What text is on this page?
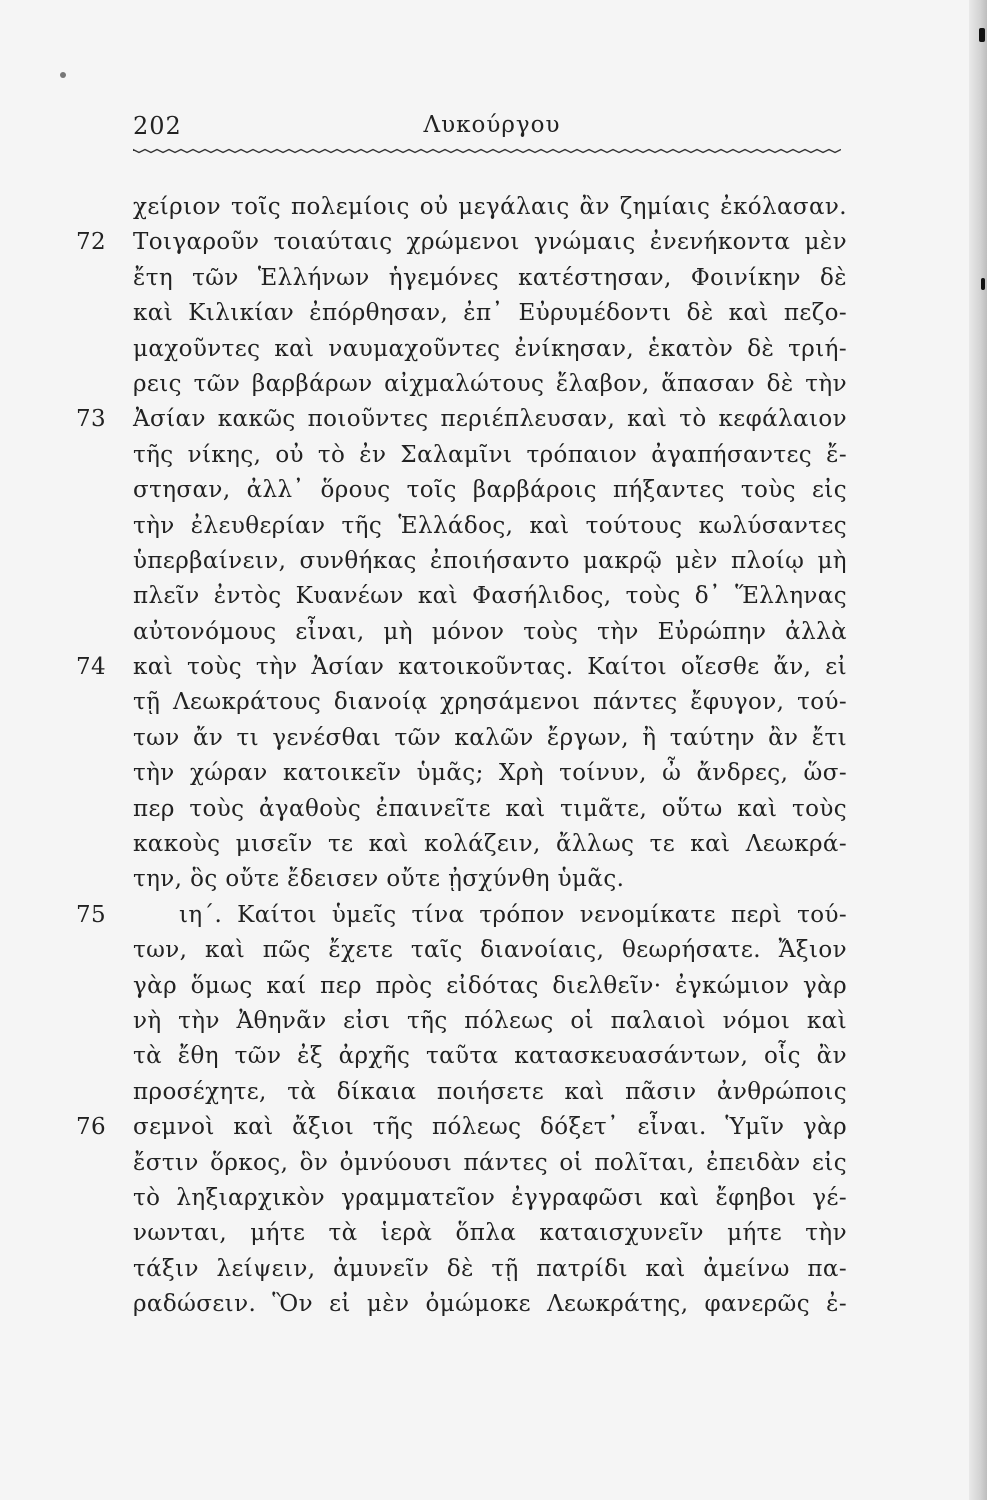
202	Λυκούργου
χείριον τοῖς πολεμίοις οὐ μεγάλαις ἂν ζημίαις ἐκόλασαν.
Τοιγαροῦν τοιαύταις χρώμενοι γνώμαις ἐνενήκοντα μὲν
72
ἔτη τῶν Ἑλλήνων ἡγεμόνες κατέστησαν, Φοινίκην δὲ
καὶ Κιλικίαν ἐπόρθησαν, ἐπ᾽ Εὐρυμέδοντι δὲ καὶ πεζο-
μαχοῦντες καὶ ναυμαχοῦντες ἐνίκησαν, ἑκατὸν δὲ τριή-
ρεις τῶν βαρβάρων αἰχμαλώτους ἔλαβον, ἅπασαν δὲ τὴν
Ἀσίαν κακῶς ποιοῦντες περιέπλευσαν, καὶ τὸ κεφάλαιον
73
τῆς νίκης, οὐ τὸ ἐν Σαλαμῖνι τρόπαιον ἀγαπήσαντες ἔ-
στησαν, ἀλλ᾽ ὅρους τοῖς βαρβάροις πήξαντες τοὺς εἰς
τὴν ἐλευθερίαν τῆς Ἑλλάδος, καὶ τούτους κωλύσαντες
ὑπερβαίνειν, συνθήκας ἐποιήσαντο μακρῷ μὲν πλοίῳ μὴ
πλεῖν ἐντὸς Κυανέων καὶ Φασήλιδος, τοὺς δ᾽ Ἕλληνας
αὐτονόμους εἶναι, μὴ μόνον τοὺς τὴν Εὐρώπην ἀλλὰ
καὶ τοὺς τὴν Ἀσίαν κατοικοῦντας. Καίτοι οἴεσθε ἄν, εἰ
74
τῇ Λεωκράτους διανοίᾳ χρησάμενοι πάντες ἔφυγον, τού-
των ἄν τι γενέσθαι τῶν καλῶν ἔργων, ἢ ταύτην ἂν ἔτι
τὴν χώραν κατοικεῖν ὑμᾶς; Χρὴ τοίνυν, ὦ ἄνδρες, ὥσ-
περ τοὺς ἀγαθοὺς ἐπαινεῖτε καὶ τιμᾶτε, οὕτω καὶ τοὺς
κακοὺς μισεῖν τε καὶ κολάζειν, ἄλλως τε καὶ Λεωκρά-
την, ὃς οὔτε ἔδεισεν οὔτε ᾐσχύνθη ὑμᾶς.
ιη´. Καίτοι ὑμεῖς τίνα τρόπον νενομίκατε περὶ τού-
75
των, καὶ πῶς ἔχετε ταῖς διανοίαις, θεωρήσατε. Ἄξιον
γὰρ ὅμως καί περ πρὸς εἰδότας διελθεῖν· ἐγκώμιον γὰρ
νὴ τὴν Ἀθηνᾶν εἰσι τῆς πόλεως οἱ παλαιοὶ νόμοι καὶ
τὰ ἔθη τῶν ἐξ ἀρχῆς ταῦτα κατασκευασάντων, οἷς ἂν
προσέχητε, τὰ δίκαια ποιήσετε καὶ πᾶσιν ἀνθρώποις
σεμνοὶ καὶ ἄξιοι τῆς πόλεως δόξετ᾽ εἶναι. Ὑμῖν γὰρ
76
ἔστιν ὅρκος, ὃν ὀμνύουσι πάντες οἱ πολῖται, ἐπειδὰν εἰς
τὸ ληξιαρχικὸν γραμματεῖον ἐγγραφῶσι καὶ ἔφηβοι γέ-
νωνται, μήτε τὰ ἱερὰ ὅπλα καταισχυνεῖν μήτε τὴν
τάξιν λείψειν, ἀμυνεῖν δὲ τῇ πατρίδι καὶ ἀμείνω πα-
ραδώσειν. Ὃν εἰ μὲν ὀμώμοκε Λεωκράτης, φανερῶς ἐ-
